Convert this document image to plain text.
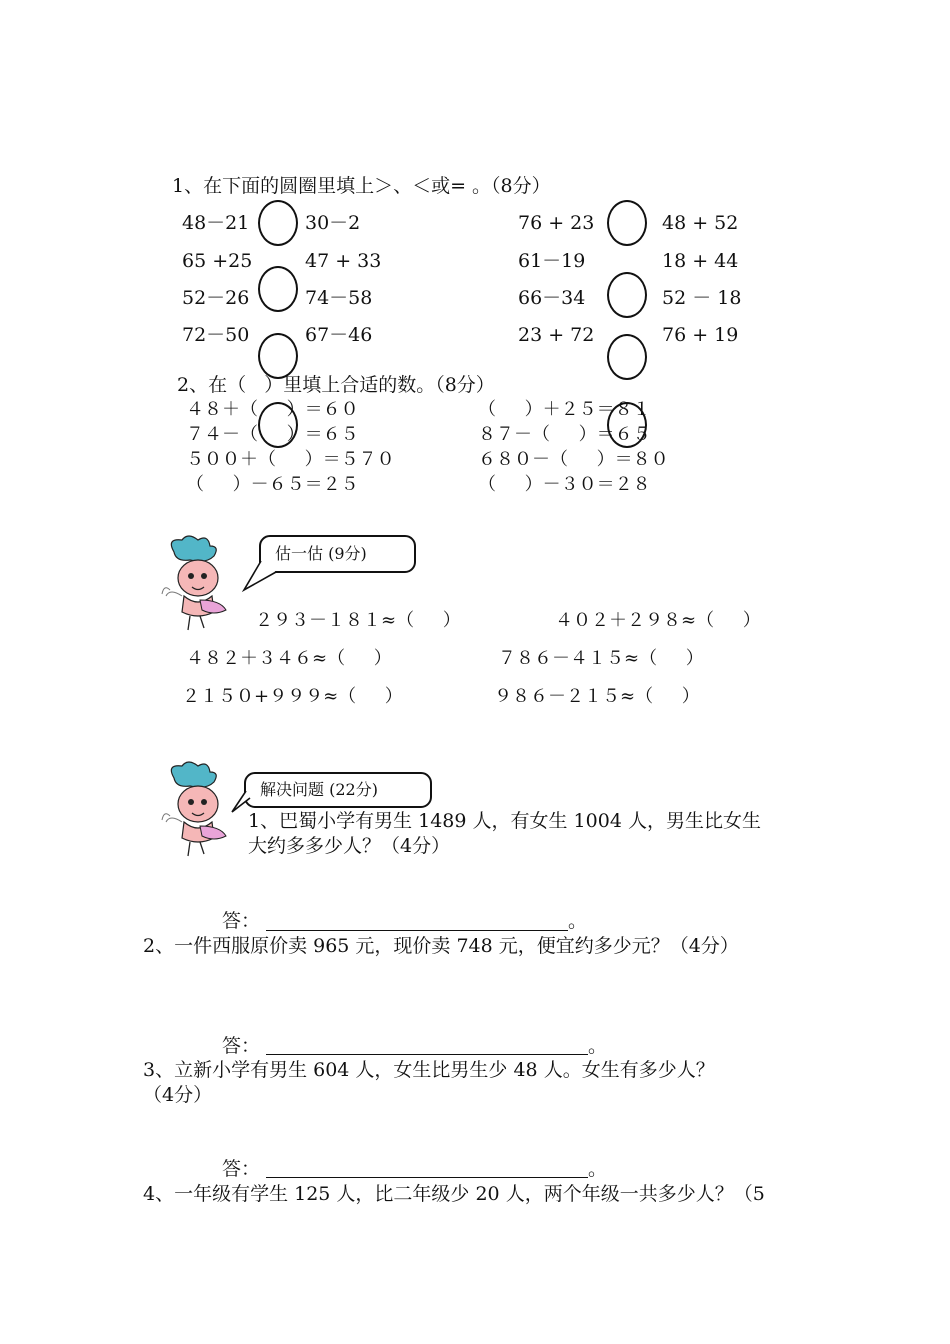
1、在下面的圆圈里填上＞、＜或= 。（8分）
48－21	30－2	76 + 23	48 + 52
65 +25	47 + 33	61－19	18 + 44
52－26	74－58	66－34	52 － 18
72－50	67－46	23 + 72	76 + 19
2、在（   ）里填上合适的数。（8分）
４８＋（     ）＝６０	（     ）＋２５＝８１
７４－（     ）＝６５	８７－（     ）＝６５
５００＋（     ）＝５７０	６８０－（     ）＝８０
（     ）－６５＝２５	（     ）－３０＝２８
估一估 (9分)
２９３－１８１≈（     ）	４０２＋２９８≈（     ）
４８２＋３４６≈（     ）	７８６－４１５≈（     ）
２１５０+９９９≈（     ）	９８６－２１５≈（     ）
解决问题 (22分)
1、巴蜀小学有男生 1489 人，有女生 1004 人，男生比女生
大约多多少人？（4分）
答：	。
2、一件西服原价卖 965 元，现价卖 748 元，便宜约多少元？（4分）
答：	。
3、立新小学有男生 604 人，女生比男生少 48 人。女生有多少人？
（4分）
答：	。
4、一年级有学生 125 人，比二年级少 20 人，两个年级一共多少人？（5
